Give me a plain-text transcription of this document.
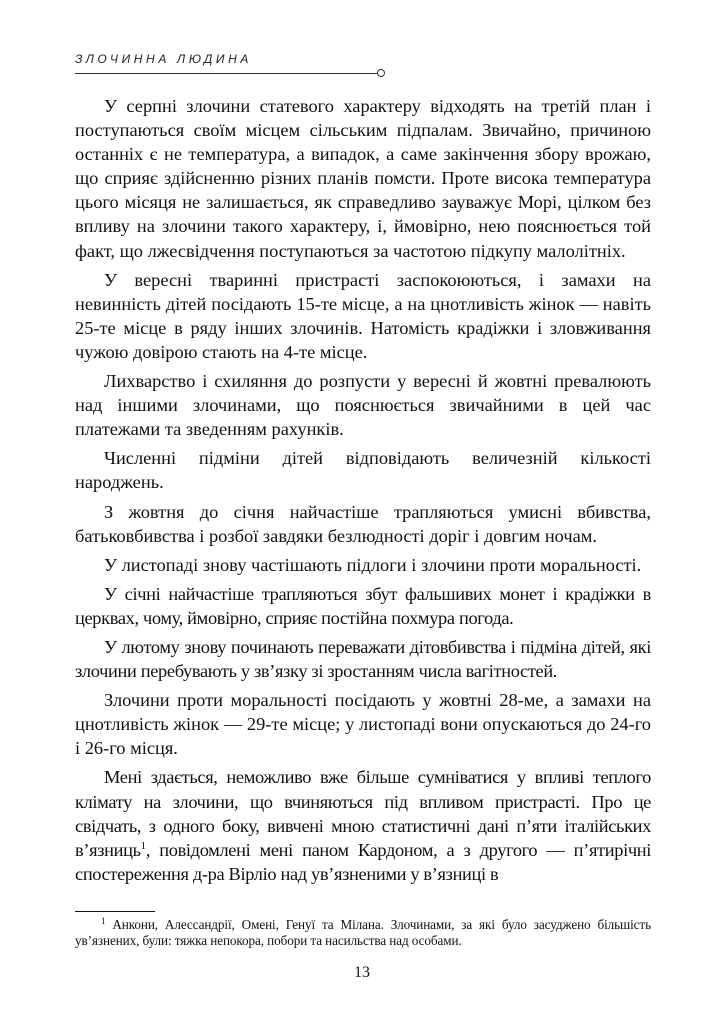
ЗЛОЧИННА ЛЮДИНА

У серпні злочини статевого характеру відходять на третій план і поступаються своїм місцем сільським підпалам. Звичайно, причиною останніх є не температура, а випадок, а саме закінчення збору врожаю, що сприяє здійсненню різних планів помсти. Проте висока температура цього місяця не залишається, як справедливо зауважує Морі, цілком без впливу на злочини такого характеру, і, ймовірно, нею пояснюється той факт, що лжесвідчення поступаються за частотою підкупу малолітніх.

У вересні тваринні пристрасті заспокоюються, і замахи на невинність дітей посідають 15-те місце, а на цнотливість жінок — навіть 25-те місце в ряду інших злочинів. Натомість крадіжки і зловживання чужою довірою стають на 4-те місце.

Лихварство і схиляння до розпусти у вересні й жовтні превалюють над іншими злочинами, що пояснюється звичайними в цей час платежами та зведенням рахунків.

Численні підміни дітей відповідають величезній кількості народжень.

З жовтня до січня найчастіше трапляються умисні вбивства, батьковбивства і розбої завдяки безлюдності доріг і довгим ночам.

У листопаді знову частішають підлоги і злочини проти моральності.

У січні найчастіше трапляються збут фальшивих монет і крадіжки в церквах, чому, ймовірно, сприяє постійна похмура погода.

У лютому знову починають переважати дітовбивства і підміна дітей, які злочини перебувають у зв’язку зі зростанням числа вагітностей.

Злочини проти моральності посідають у жовтні 28-ме, а замахи на цнотливість жінок — 29-те місце; у листопаді вони опускаються до 24-го і 26-го місця.

Мені здається, неможливо вже більше сумніватися у впливі теплого клімату на злочини, що вчиняються під впливом пристрасті. Про це свідчать, з одного боку, вивчені мною статистичні дані п’яти італійських в’язниць$^1$, повідомлені мені паном Кардоном, а з другого — п’ятирічні спостереження д-ра Вірліо над ув’язненими у в’язниці в

$^1$ Анкони, Алессандрії, Омені, Генуї та Мілана. Злочинами, за які було засуджено більшість ув’язнених, були: тяжка непокора, побори та насильства над особами.
13
